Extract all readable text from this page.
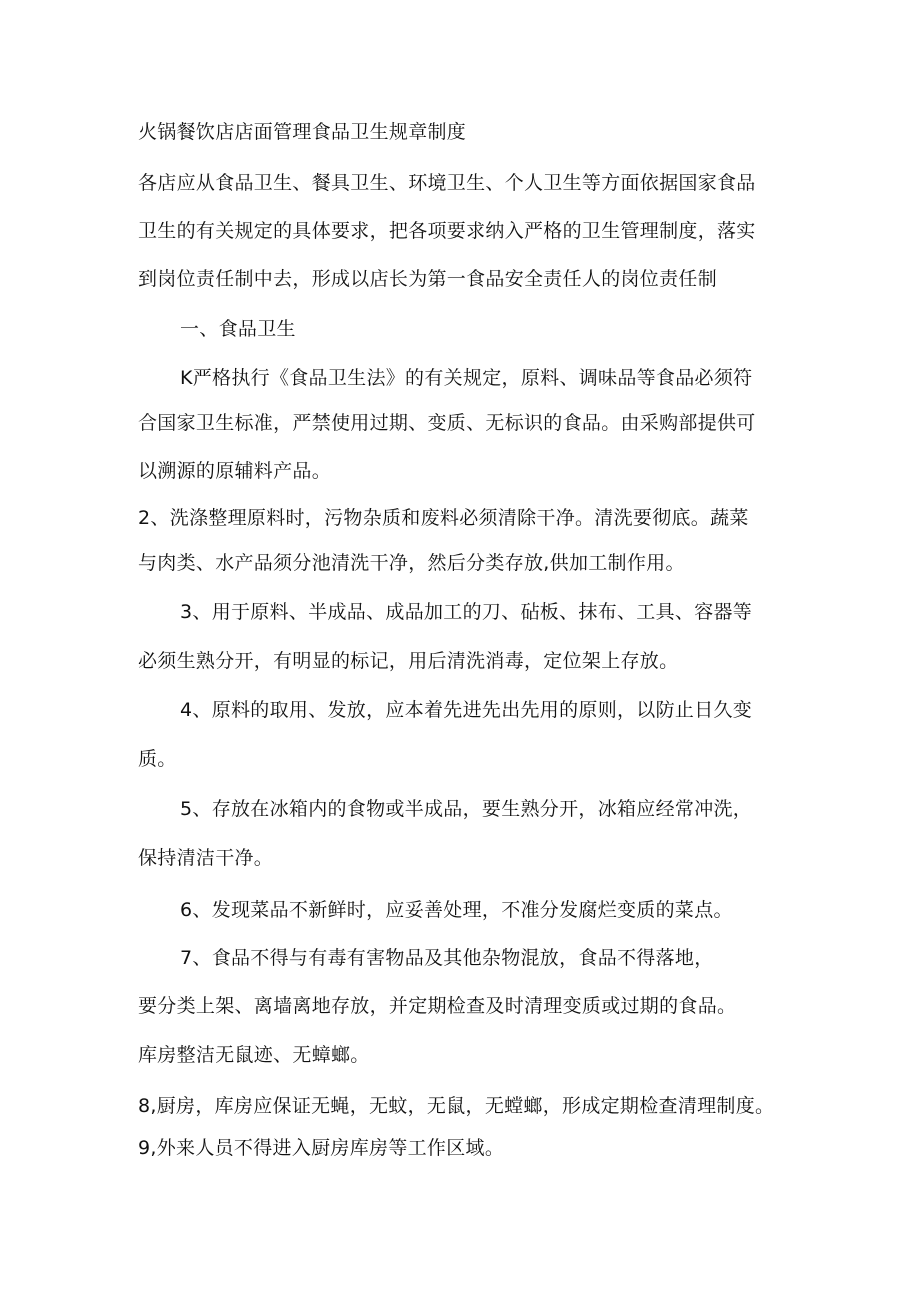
火锅餐饮店店面管理食品卫生规章制度
各店应从食品卫生、餐具卫生、环境卫生、个人卫生等方面依据国家食品
卫生的有关规定的具体要求，把各项要求纳入严格的卫生管理制度，落实
到岗位责任制中去，形成以店长为第一食品安全责任人的岗位责任制
一、食品卫生
K严格执行《食品卫生法》的有关规定，原料、调味品等食品必须符
合国家卫生标准，严禁使用过期、变质、无标识的食品。由采购部提供可
以溯源的原辅料产品。
2、洗涤整理原料时，污物杂质和废料必须清除干净。清洗要彻底。蔬菜
与肉类、水产品须分池清洗干净，然后分类存放,供加工制作用。
3、用于原料、半成品、成品加工的刀、砧板、抹布、工具、容器等
必须生熟分开，有明显的标记，用后清洗消毒，定位架上存放。
4、原料的取用、发放，应本着先进先出先用的原则，以防止日久变
质。
5、存放在冰箱内的食物或半成品，要生熟分开，冰箱应经常冲洗，
保持清洁干净。
6、发现菜品不新鲜时，应妥善处理，不准分发腐烂变质的菜点。
7、食品不得与有毒有害物品及其他杂物混放，食品不得落地，
要分类上架、离墙离地存放，并定期检查及时清理变质或过期的食品。
库房整洁无鼠迹、无蟑螂。
8,厨房，库房应保证无蝇，无蚊，无鼠，无螳螂，形成定期检查清理制度。
9,外来人员不得进入厨房库房等工作区域。
